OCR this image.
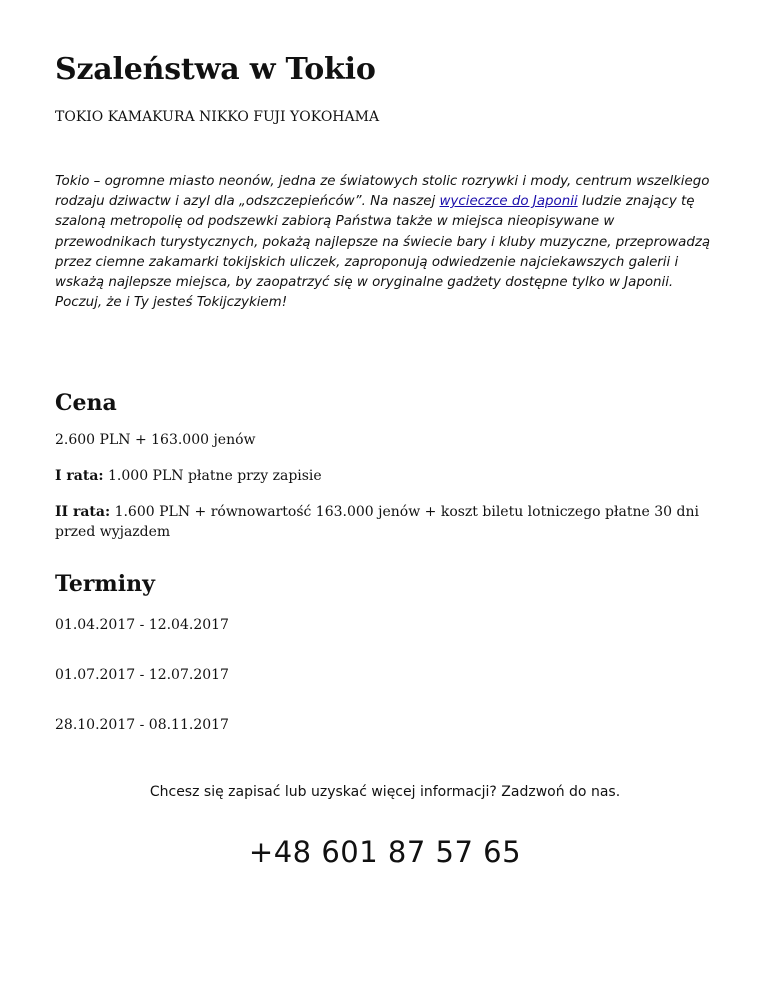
Szaleństwa w Tokio

TOKIO KAMAKURA NIKKO FUJI YOKOHAMA

Tokio – ogromne miasto neonów, jedna ze światowych stolic rozrywki i mody, centrum wszelkiego rodzaju dziwactw i azyl dla „odszczepieńców”. Na naszej wycieczce do Japonii ludzie znający tę szaloną metropolię od podszewki zabiorą Państwa także w miejsca nieopisywane w przewodnikach turystycznych, pokażą najlepsze na świecie bary i kluby muzyczne, przeprowadzą przez ciemne zakamarki tokijskich uliczek, zaproponują odwiedzenie najciekawszych galerii i wskażą najlepsze miejsca, by zaopatrzyć się w oryginalne gadżety dostępne tylko w Japonii. Poczuj, że i Ty jesteś Tokijczykiem!

Cena

2.600 PLN + 163.000 jenów

I rata: 1.000 PLN płatne przy zapisie

II rata: 1.600 PLN + równowartość 163.000 jenów + koszt biletu lotniczego płatne 30 dni przed wyjazdem

Terminy

01.04.2017 - 12.04.2017

01.07.2017 - 12.07.2017

28.10.2017 - 08.11.2017

Chcesz się zapisać lub uzyskać więcej informacji? Zadzwoń do nas.

+48 601 87 57 65
